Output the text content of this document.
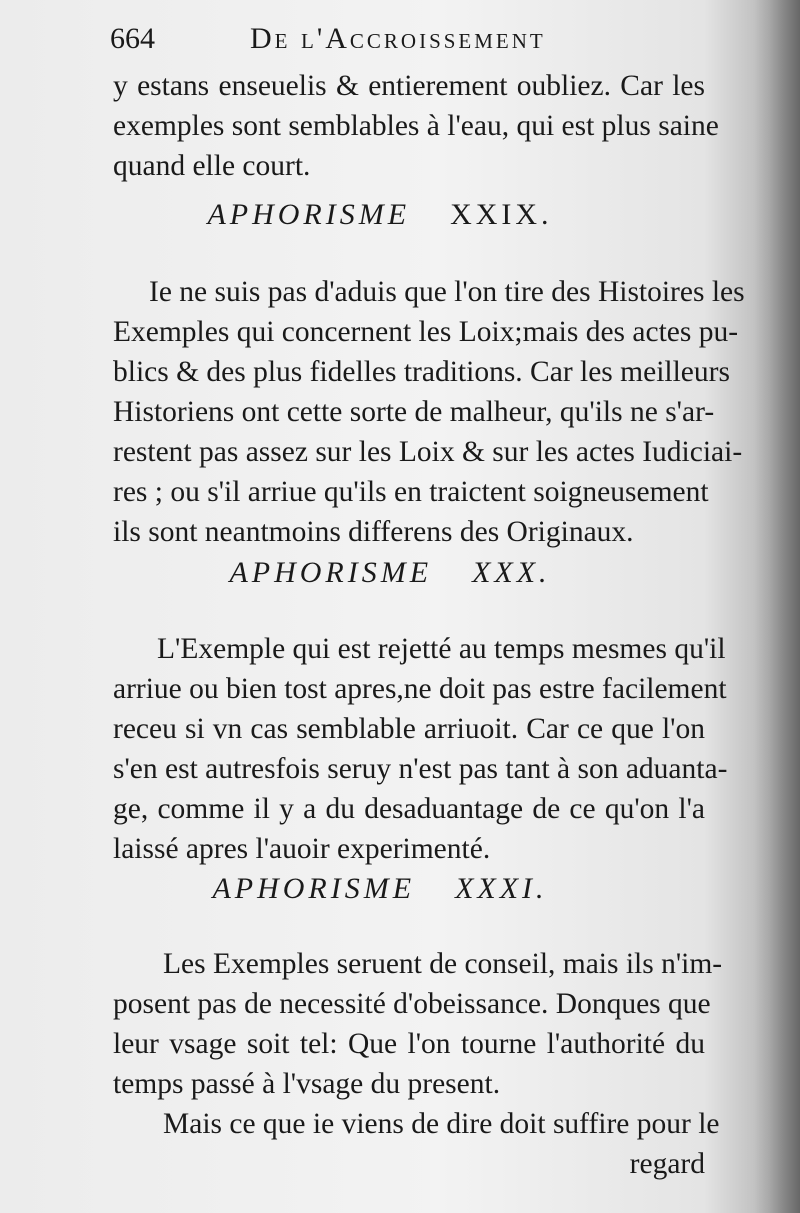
664	De l'Accroissement
y estans enseuelis & entierement oubliez. Car les
exemples sont semblables à l'eau, qui est plus saine
quand elle court.
APHORISME XXIX.
Ie ne suis pas d'aduis que l'on tire des Histoires les
Exemples qui concernent les Loix;mais des actes pu-
blics & des plus fidelles traditions. Car les meilleurs
Historiens ont cette sorte de malheur, qu'ils ne s'ar-
restent pas assez sur les Loix & sur les actes Iudiciai-
res ; ou s'il arriue qu'ils en traictent soigneusement
ils sont neantmoins differens des Originaux.
APHORISME XXX.
L'Exemple qui est rejetté au temps mesmes qu'il
arriue ou bien tost apres,ne doit pas estre facilement
receu si vn cas semblable arriuoit. Car ce que l'on
s'en est autresfois seruy n'est pas tant à son aduanta-
ge, comme il y a du desaduantage de ce qu'on l'a
laissé apres l'auoir experimenté.
APHORISME XXXI.
Les Exemples seruent de conseil, mais ils n'im-
posent pas de necessité d'obeissance. Donques que
leur vsage soit tel: Que l'on tourne l'authorité du
temps passé à l'vsage du present.
Mais ce que ie viens de dire doit suffire pour le
regard
